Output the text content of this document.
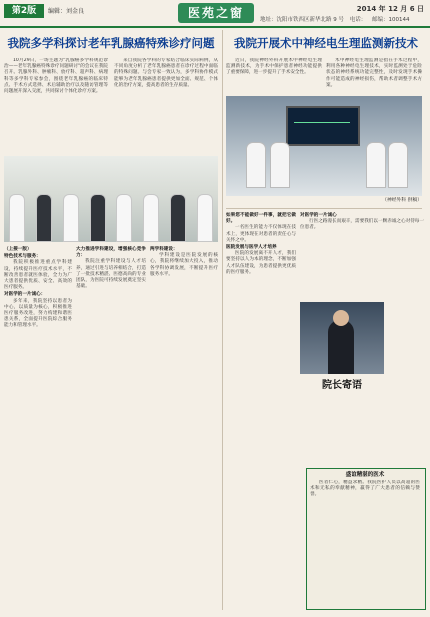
第2版	编辑：刘金良	医苑之窗	2014 年 12 月 6 日
地址：沈阳市铁西区新华北路 9 号 电话： 邮编：100144
我院多学科探讨老年乳腺癌特殊诊疗问题	我院开展术中神经电生理监测新技术

10月29日，一场主题为"乳腺癌多学科规范诊治——老年乳腺癌特殊诊疗问题研讨"的会议在我院召开。乳腺外科、肿瘤科、放疗科、超声科、病理科等多学科专家参会，围绕老年乳腺癌的临床特点、手术方式选择、术后辅助治疗以及随访管理等问题展开深入交流，共同探讨个体化诊疗方案。

来自我院各学科的专家结合临床实际病例，从不同角度分析了老年乳腺癌患者在诊疗过程中面临的特殊问题。与会专家一致认为，多学科协作模式能够为老年乳腺癌患者提供更加全面、规范、个体化的治疗方案，提高患者的生存质量。

（上接一版）

特色技术与服务：

我院积极推进重点学科建设，持续提升医疗技术水平，不断改善患者就医体验，全力为广大患者提供优质、安全、高效的医疗服务。

对医学的一片诚心：

多年来，我院坚持以患者为中心，以质量为核心，积极推进医疗服务改进，努力构建和谐医患关系，全面提升医院综合服务能力和管理水平。

大力推进学科建设，增强核心竞争力：

我院注重学科建设与人才培养，通过引进与培养相结合，打造了一批技术精湛、医德高尚的专业团队，为医院可持续发展奠定坚实基础。

两学科建设：

学科建设是医院发展的核心，我院将继续加大投入，推动各学科协调发展，不断提升医疗服务水平。

近日，我院神经外科开展术中神经电生理监测新技术，为手术中保护患者神经功能提供了重要保障，进一步提升了手术安全性。

术中神经电生理监测是指在手术过程中，利用各种神经电生理技术，实时监测处于危险状态的神经系统功能完整性，及时发现手术操作可能造成的神经损伤，帮助术者调整手术方案。

（神经外科 供稿）

如果您不能做好一件事，就把它做好。

一名医生的能力不仅体现在技术上，更体现在对患者的责任心与关怀之中。

医院发展与医学人才培养

医院的发展离不开人才，我们要坚持以人为本的理念，不断加强人才队伍建设，为患者提供更优质的医疗服务。

对医学的一片诚心

行医之路漫长而艰辛，需要我们以一颗赤诚之心对待每一位患者。

院长寄语
盛谊精湛的医术

医者仁心，精益求精。我院医护人员以高超的医术和无私的奉献精神，赢得了广大患者的信赖与赞誉。
